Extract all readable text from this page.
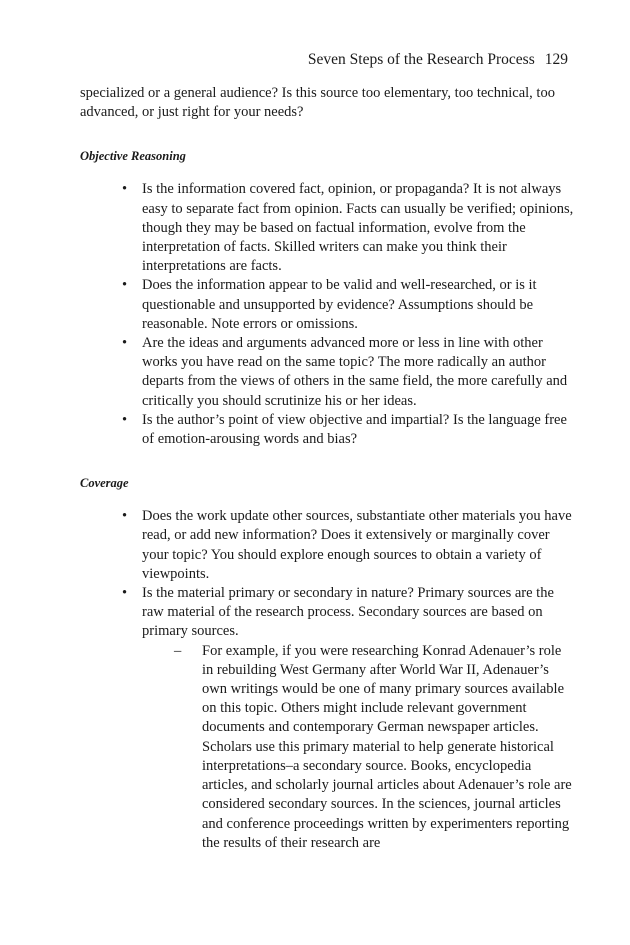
Seven Steps of the Research Process 129

specialized or a general audience? Is this source too elementary, too technical, too advanced, or just right for your needs?

Objective Reasoning
• Is the information covered fact, opinion, or propaganda? It is not always easy to separate fact from opinion. Facts can usually be verified; opinions, though they may be based on factual information, evolve from the interpretation of facts. Skilled writers can make you think their interpretations are facts.
• Does the information appear to be valid and well-researched, or is it questionable and unsupported by evidence? Assumptions should be reasonable. Note errors or omissions.
• Are the ideas and arguments advanced more or less in line with other works you have read on the same topic? The more radically an author departs from the views of others in the same field, the more carefully and critically you should scrutinize his or her ideas.
• Is the author’s point of view objective and impartial? Is the language free of emotion-arousing words and bias?
Coverage
• Does the work update other sources, substantiate other materials you have read, or add new information? Does it extensively or marginally cover your topic? You should explore enough sources to obtain a variety of viewpoints.
• Is the material primary or secondary in nature? Primary sources are the raw material of the research process. Secondary sources are based on primary sources.
– For example, if you were researching Konrad Adenauer’s role in rebuilding West Germany after World War II, Adenauer’s own writings would be one of many primary sources available on this topic. Others might include relevant government documents and contemporary German newspaper articles. Scholars use this primary material to help generate historical interpretations–a secondary source. Books, encyclopedia articles, and scholarly journal articles about Adenauer’s role are considered secondary sources. In the sciences, journal articles and conference proceedings written by experimenters reporting the results of their research are
